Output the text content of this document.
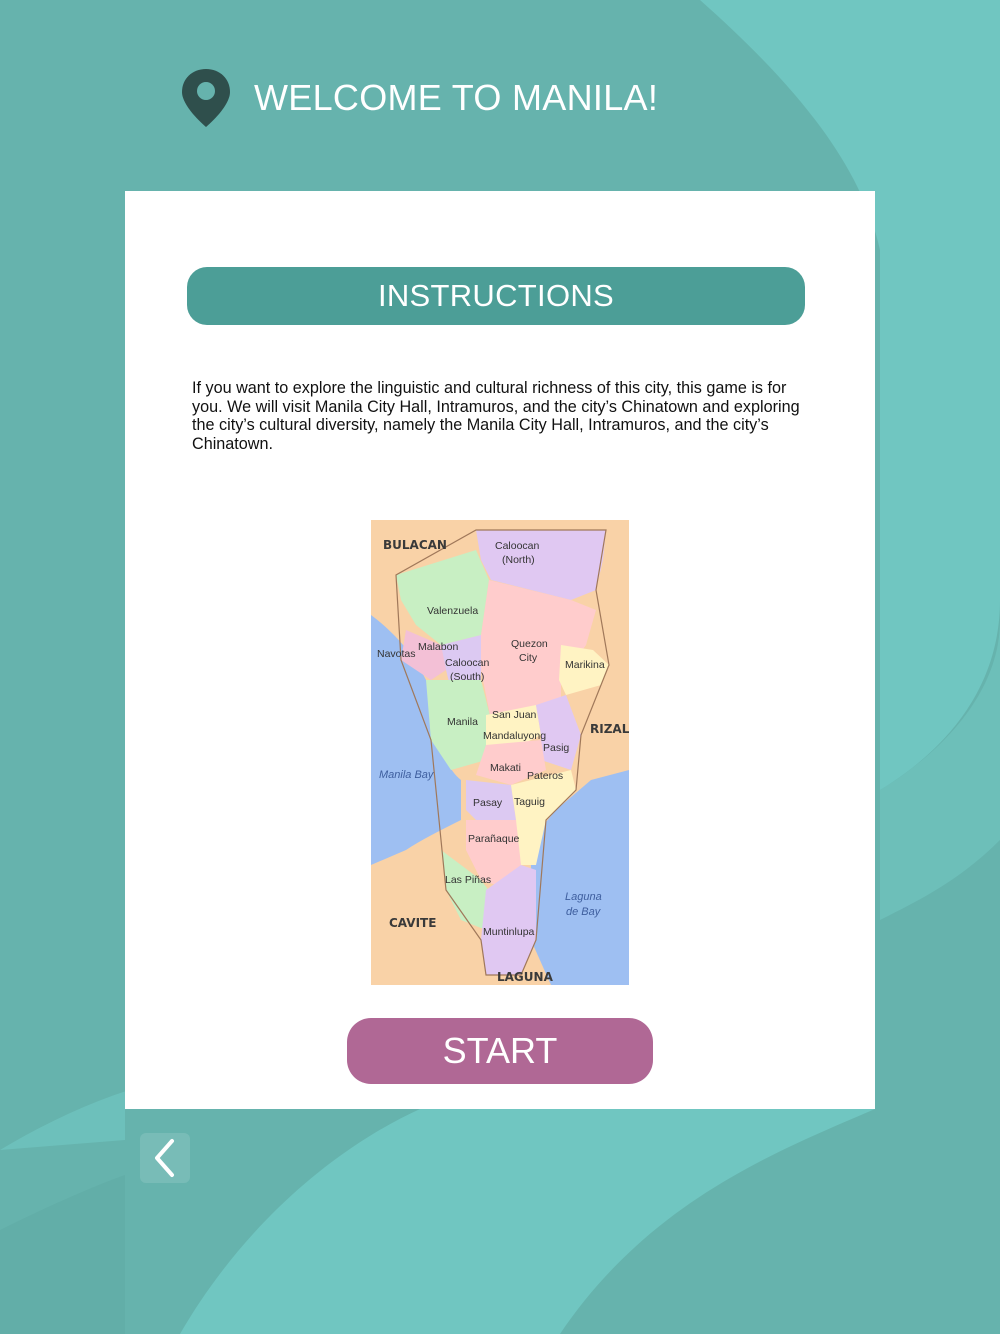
WELCOME TO MANILA!
INSTRUCTIONS
If you want to explore the linguistic and cultural richness of this city, this game is for you. We will visit Manila City Hall, Intramuros, and the city’s Chinatown and exploring the city’s cultural diversity, namely the Manila City Hall, Intramuros, and the city’s Chinatown.
BULACAN
RIZAL
CAVITE
LAGUNA
Caloocan
(North)
Valenzuela
Malabon
Navotas
Caloocan
(South)
Quezon
City
Marikina
San Juan
Manila
Mandaluyong
Pasig
Makati
Pateros
Pasay Taguig
Parañaque
Las Piñas
Muntinlupa
Manila Bay
Laguna
de Bay
START
